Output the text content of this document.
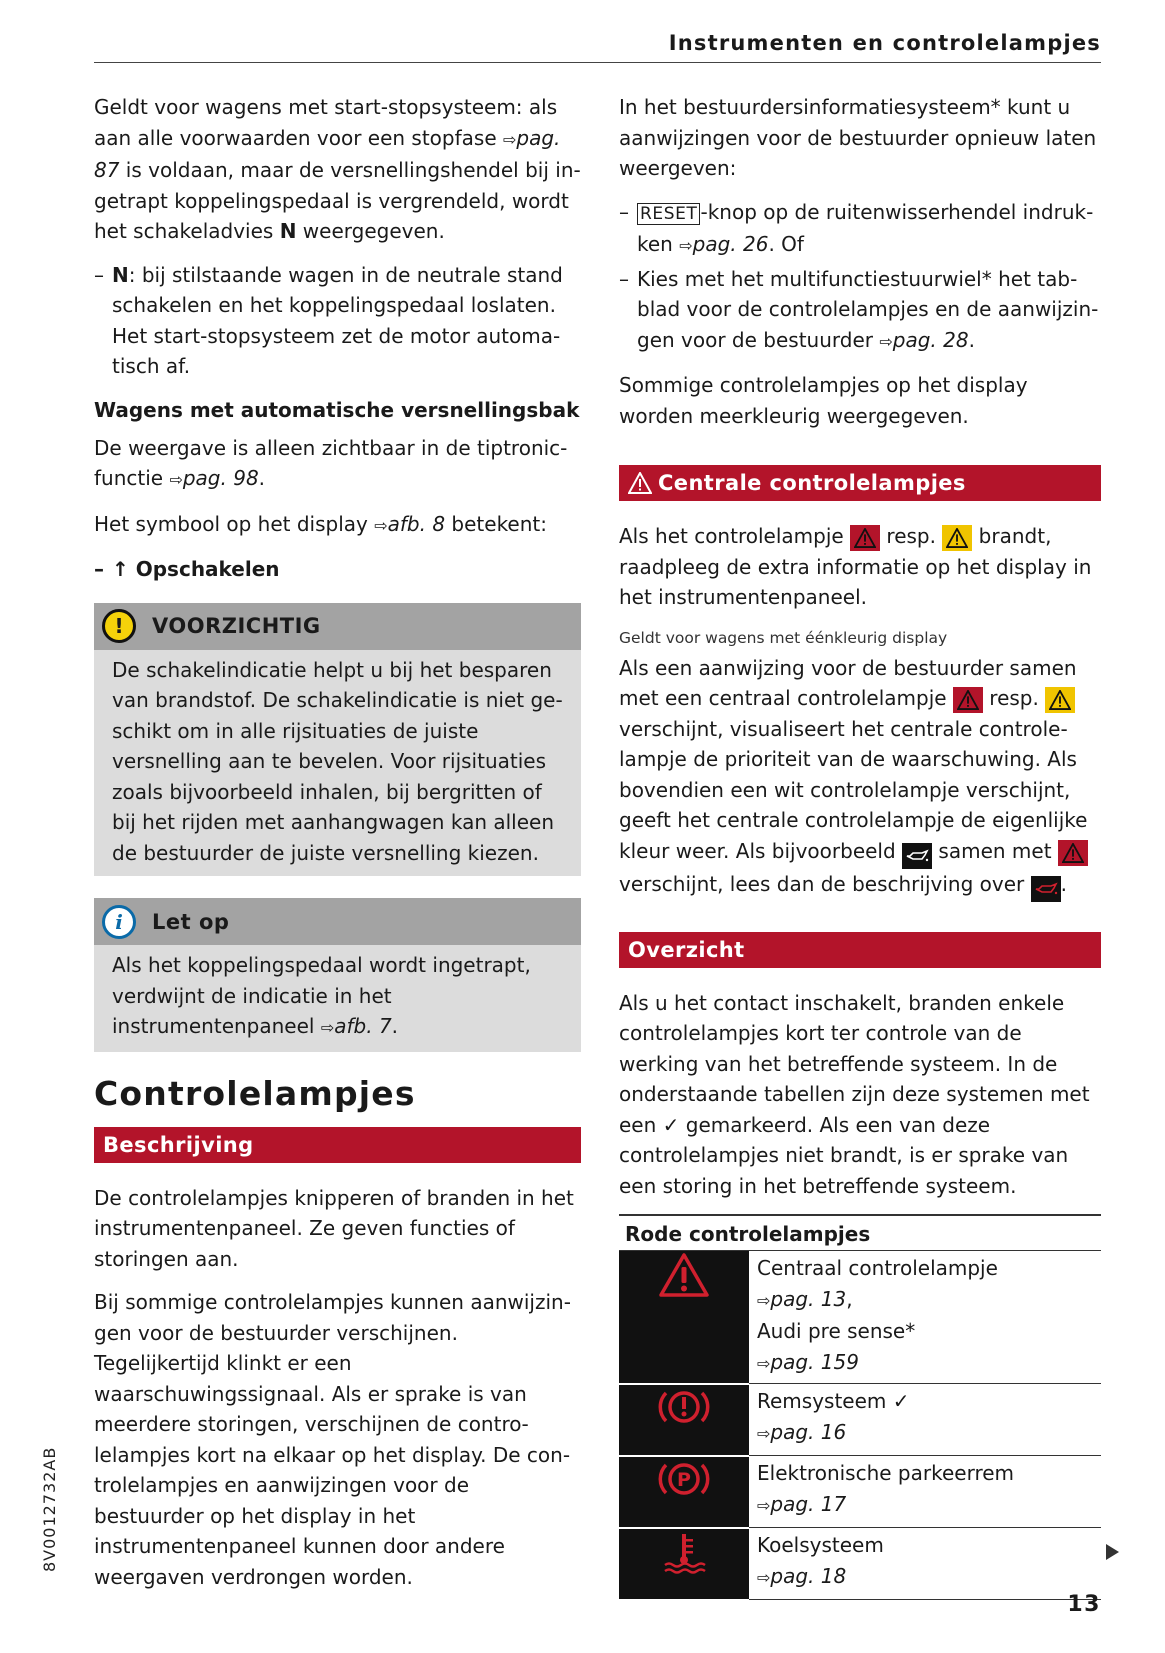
Instrumenten en controlelampjes

Geldt voor wagens met start-stopsysteem: als aan alle voorwaarden voor een stopfase ⇨pag. 87 is voldaan, maar de versnellingshendel bij ingetrapt koppelingspedaal is vergrendeld, wordt het schakeladvies N weergegeven.

– N: bij stilstaande wagen in de neutrale stand schakelen en het koppelingspedaal loslaten. Het start-stopsysteem zet de motor automatisch af.
Wagens met automatische versnellingsbak

De weergave is alleen zichtbaar in de tiptronic-functie ⇨pag. 98.

Het symbool op het display ⇨afb. 8 betekent:

– ↑ Opschakelen
!	VOORZICHTIG
De schakelindicatie helpt u bij het besparen van brandstof. De schakelindicatie is niet geschikt om in alle rijsituaties de juiste versnelling aan te bevelen. Voor rijsituaties zoals bijvoorbeeld inhalen, bij bergritten of bij het rijden met aanhangwagen kan alleen de bestuurder de juiste versnelling kiezen.
i	Let op
Als het koppelingspedaal wordt ingetrapt, verdwijnt de indicatie in het instrumentenpaneel ⇨afb. 7.
Controlelampjes
Beschrijving

De controlelampjes knipperen of branden in het instrumentenpaneel. Ze geven functies of storingen aan.

Bij sommige controlelampjes kunnen aanwijzingen voor de bestuurder verschijnen. Tegelijkertijd klinkt er een waarschuwingssignaal. Als er sprake is van meerdere storingen, verschijnen de controlelampjes kort na elkaar op het display. De controlelampjes en aanwijzingen voor de bestuurder op het display in het instrumentenpaneel kunnen door andere weergaven verdrongen worden.

In het bestuurdersinformatiesysteem* kunt u aanwijzingen voor de bestuurder opnieuw laten weergeven:

– RESET -knop op de ruitenwisserhendel indrukken ⇨pag. 26. Of
– Kies met het multifunctiestuurwiel* het tabblad voor de controlelampjes en de aanwijzingen voor de bestuurder ⇨pag. 28.

Sommige controlelampjes op het display worden meerkleurig weergegeven.

Centrale controlelampjes

Als het controlelampje
resp.
brandt, raadpleeg de extra informatie op het display in het instrumentenpaneel.

Geldt voor wagens met éénkleurig display

Als een aanwijzing voor de bestuurder samen met een centraal controlelampje
resp.
verschijnt, visualiseert het centrale controlelampje de prioriteit van de waarschuwing. Als bovendien een wit controlelampje verschijnt, geeft het centrale controlelampje de eigenlijke kleur weer. Als bijvoorbeeld
samen met
verschijnt, lees dan de beschrijving over
.

Overzicht

Als u het contact inschakelt, branden enkele controlelampjes kort ter controle van de werking van het betreffende systeem. In de onderstaande tabellen zijn deze systemen met een ✓ gemarkeerd. Als een van deze controlelampjes niet brandt, is er sprake van een storing in het betreffende systeem.

Rode controlelampjes	
	Centraal controlelampje
⇨pag. 13,
Audi pre sense*
⇨pag. 159
	Remsysteem ✓
⇨pag. 16

P	Elektronische parkeerrem
⇨pag. 17
	Koelsysteem
⇨pag. 18
8V0012732AB
13
